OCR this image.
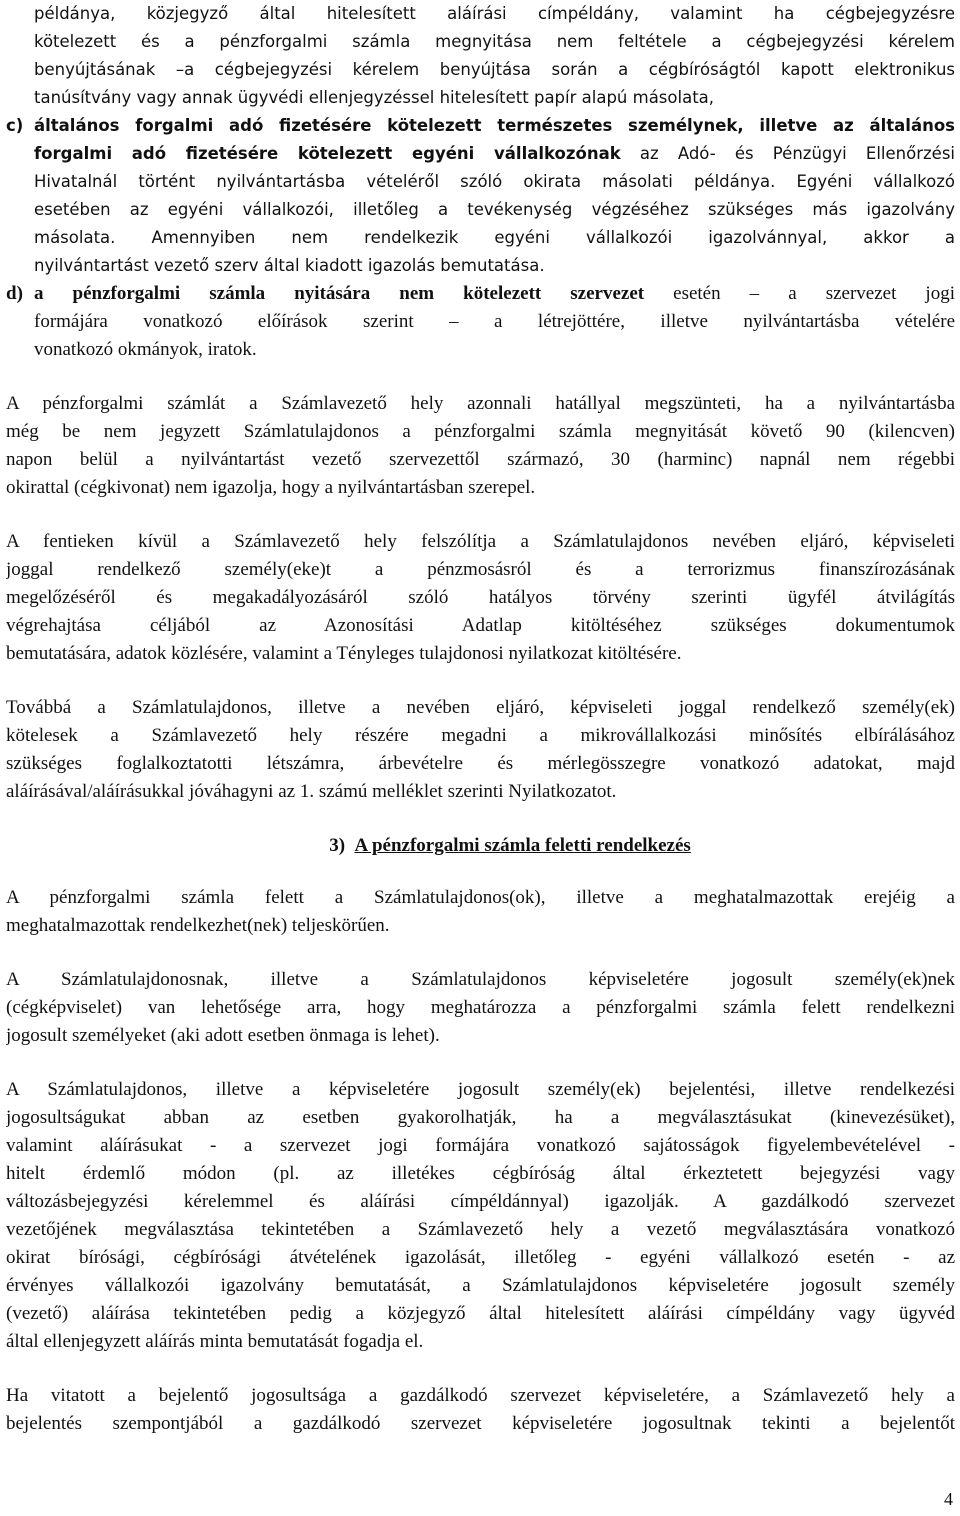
példánya, közjegyző által hitelesített aláírási címpéldány, valamint ha cégbejegyzésre
kötelezett és a pénzforgalmi számla megnyitása nem feltétele a cégbejegyzési kérelem
benyújtásának –a cégbejegyzési kérelem benyújtása során a cégbíróságtól kapott elektronikus
tanúsítvány vagy annak ügyvédi ellenjegyzéssel hitelesített papír alapú másolata,
c) általános forgalmi adó fizetésére kötelezett természetes személynek, illetve az általános
forgalmi adó fizetésére kötelezett egyéni vállalkozónak az Adó- és Pénzügyi Ellenőrzési
Hivatalnál történt nyilvántartásba vételéről szóló okirata másolati példánya. Egyéni vállalkozó
esetében az egyéni vállalkozói, illetőleg a tevékenység végzéséhez szükséges más igazolvány
másolata. Amennyiben nem rendelkezik egyéni vállalkozói igazolvánnyal, akkor a
nyilvántartást vezető szerv által kiadott igazolás bemutatása.
d) a pénzforgalmi számla nyitására nem kötelezett szervezet esetén – a szervezet jogi
formájára vonatkozó előírások szerint – a létrejöttére, illetve nyilvántartásba vételére
vonatkozó okmányok, iratok.
A pénzforgalmi számlát a Számlavezető hely azonnali hatállyal megszünteti, ha a nyilvántartásba
még be nem jegyzett Számlatulajdonos a pénzforgalmi számla megnyitását követő 90 (kilencven)
napon belül a nyilvántartást vezető szervezettől származó, 30 (harminc) napnál nem régebbi
okirattal (cégkivonat) nem igazolja, hogy a nyilvántartásban szerepel.
A fentieken kívül a Számlavezető hely felszólítja a Számlatulajdonos nevében eljáró, képviseleti
joggal rendelkező személy(eke)t a pénzmosásról és a terrorizmus finanszírozásának
megelőzéséről és megakadályozásáról szóló hatályos törvény szerinti ügyfél átvilágítás
végrehajtása céljából az Azonosítási Adatlap kitöltéséhez szükséges dokumentumok
bemutatására, adatok közlésére, valamint a Tényleges tulajdonosi nyilatkozat kitöltésére.
Továbbá a Számlatulajdonos, illetve a nevében eljáró, képviseleti joggal rendelkező személy(ek)
kötelesek a Számlavezető hely részére megadni a mikrovállalkozási minősítés elbírálásához
szükséges foglalkoztatotti létszámra, árbevételre és mérlegösszegre vonatkozó adatokat, majd
aláírásával/aláírásukkal jóváhagyni az 1. számú melléklet szerinti Nyilatkozatot.
3) A pénzforgalmi számla feletti rendelkezés
A pénzforgalmi számla felett a Számlatulajdonos(ok), illetve a meghatalmazottak erejéig a
meghatalmazottak rendelkezhet(nek) teljeskörűen.
A Számlatulajdonosnak, illetve a Számlatulajdonos képviseletére jogosult személy(ek)nek
(cégképviselet) van lehetősége arra, hogy meghatározza a pénzforgalmi számla felett rendelkezni
jogosult személyeket (aki adott esetben önmaga is lehet).
A Számlatulajdonos, illetve a képviseletére jogosult személy(ek) bejelentési, illetve rendelkezési
jogosultságukat abban az esetben gyakorolhatják, ha a megválasztásukat (kinevezésüket),
valamint aláírásukat - a szervezet jogi formájára vonatkozó sajátosságok figyelembevételével -
hitelt érdemlő módon (pl. az illetékes cégbíróság által érkeztetett bejegyzési vagy
változásbejegyzési kérelemmel és aláírási címpéldánnyal) igazolják. A gazdálkodó szervezet
vezetőjének megválasztása tekintetében a Számlavezető hely a vezető megválasztására vonatkozó
okirat bírósági, cégbírósági átvételének igazolását, illetőleg - egyéni vállalkozó esetén - az
érvényes vállalkozói igazolvány bemutatását, a Számlatulajdonos képviseletére jogosult személy
(vezető) aláírása tekintetében pedig a közjegyző által hitelesített aláírási címpéldány vagy ügyvéd
által ellenjegyzett aláírás minta bemutatását fogadja el.
Ha vitatott a bejelentő jogosultsága a gazdálkodó szervezet képviseletére, a Számlavezető hely a
bejelentés szempontjából a gazdálkodó szervezet képviseletére jogosultnak tekinti a bejelentőt
4
